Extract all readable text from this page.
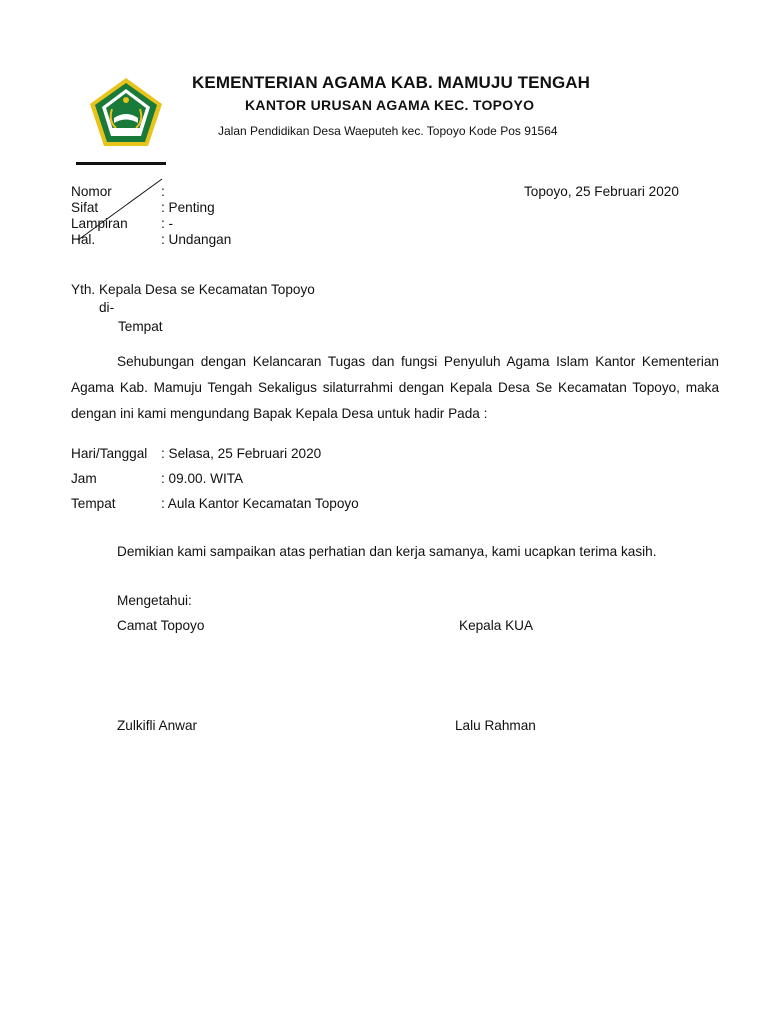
KEMENTERIAN AGAMA KAB. MAMUJU TENGAH
KANTOR URUSAN AGAMA KEC. TOPOYO
Jalan Pendidikan Desa Waeputeh kec. Topoyo Kode Pos 91564
Topoyo, 25 Februari 2020
Nomor	:
Sifat	: Penting
Lampiran : -
Hal.	: Undangan
Yth. Kepala Desa se Kecamatan Topoyo
di-
Tempat
Sehubungan dengan Kelancaran Tugas dan fungsi Penyuluh Agama Islam Kantor Kementerian Agama Kab. Mamuju Tengah Sekaligus silaturrahmi dengan Kepala Desa Se Kecamatan Topoyo, maka dengan ini kami mengundang Bapak Kepala Desa untuk hadir Pada :
Hari/Tanggal : Selasa, 25 Februari 2020
Jam	: 09.00. WITA
Tempat	: Aula Kantor Kecamatan Topoyo
Demikian kami sampaikan atas perhatian dan kerja samanya, kami ucapkan terima kasih.
Mengetahui:
Camat Topoyo	Kepala KUA
Zulkifli Anwar	Lalu Rahman
